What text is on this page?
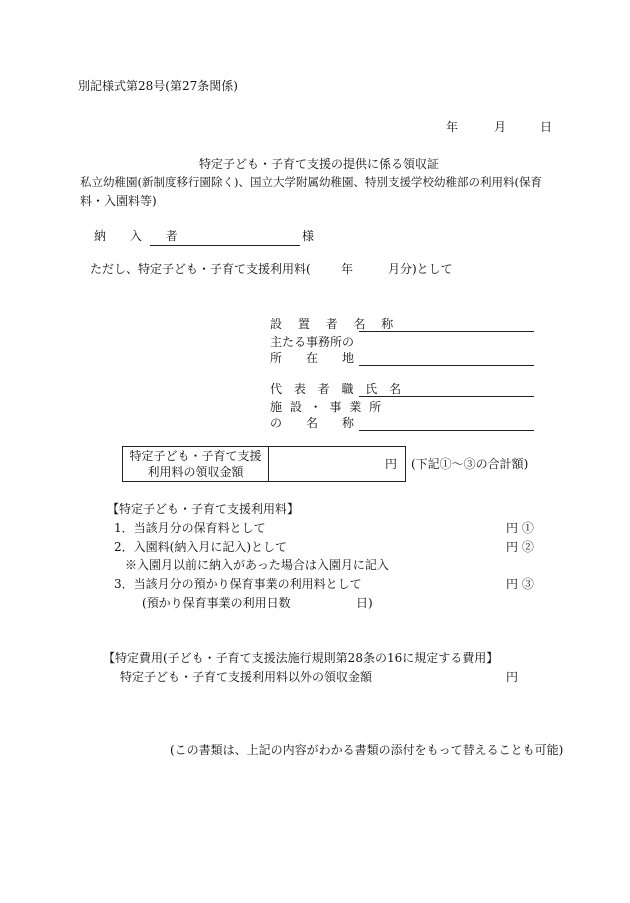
別記様式第28号(第27条関係)
年	月	日
特定子ども・子育て支援の提供に係る領収証
私立幼稚園(新制度移行園除く)、国立大学附属幼稚園、特別支援学校幼稚部の利用料(保育
料・入園料等)
納 入 者	様
ただし、特定子ども・子育て支援利用料(	年	月分)として
設 置 者 名 称
主たる事務所の
所　　在　　地
代 表 者 職 氏 名
施 設 ・ 事 業 所
の　　名　　称
特定子ども・子育て支援
利用料の領収金額
円 (下記①～③の合計額)
【特定子ども・子育て支援利用料】
1．当該月分の保育料として	円 ①
2．入園料(納入月に記入)として	円 ②
※入園月以前に納入があった場合は入園月に記入
3．当該月分の預かり保育事業の利用料として	円 ③
(預かり保育事業の利用日数	日)
【特定費用(子ども・子育て支援法施行規則第28条の16に規定する費用】
特定子ども・子育て支援利用料以外の領収金額	円
(この書類は、上記の内容がわかる書類の添付をもって替えることも可能)
